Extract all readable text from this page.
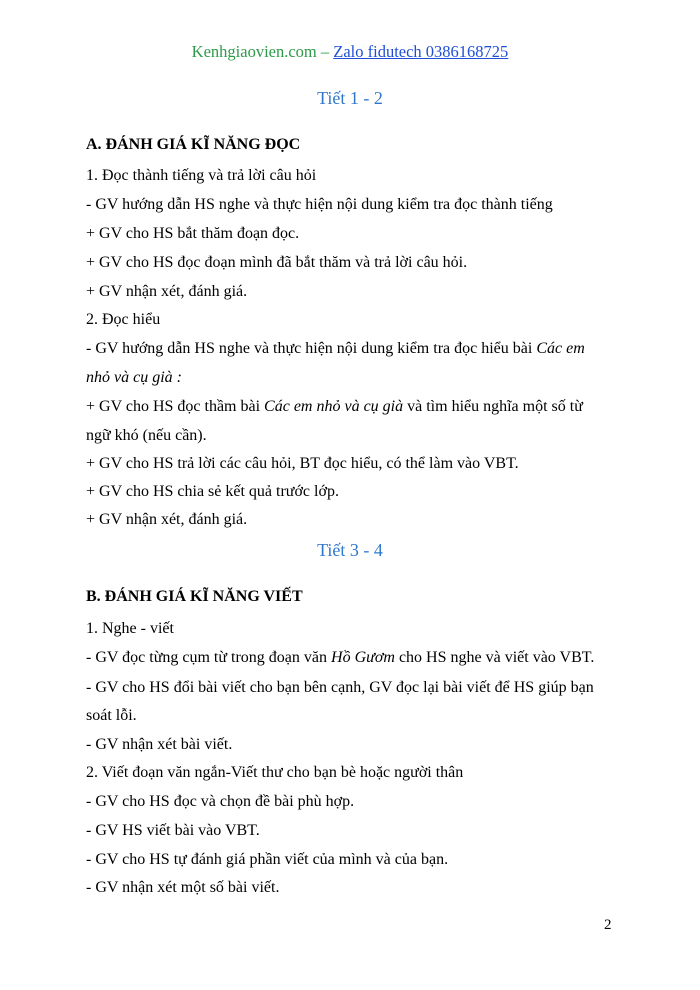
Kenhgiaovien.com – Zalo fidutech 0386168725
Tiết 1 - 2
A. ĐÁNH GIÁ KĨ NĂNG ĐỌC
1. Đọc thành tiếng và trả lời câu hỏi
- GV hướng dẫn HS nghe và thực hiện nội dung kiểm tra đọc thành tiếng
+ GV cho HS bắt thăm đoạn đọc.
+ GV cho HS đọc đoạn mình đã bắt thăm và trả lời câu hỏi.
+ GV nhận xét, đánh giá.
2. Đọc hiểu
- GV hướng dẫn HS nghe và thực hiện nội dung kiểm tra đọc hiểu bài Các em
nhỏ và cụ già :
+ GV cho HS đọc thầm bài Các em nhỏ và cụ già và tìm hiểu nghĩa một số từ
ngữ khó (nếu cần).
+ GV cho HS trả lời các câu hỏi, BT đọc hiểu, có thể làm vào VBT.
+ GV cho HS chia sẻ kết quả trước lớp.
+ GV nhận xét, đánh giá.
Tiết 3 - 4
B. ĐÁNH GIÁ KĨ NĂNG VIẾT
1. Nghe - viết
- GV đọc từng cụm từ trong đoạn văn Hồ Gươm cho HS nghe và viết vào VBT.
- GV cho HS đổi bài viết cho bạn bên cạnh, GV đọc lại bài viết để HS giúp bạn
soát lỗi.
- GV nhận xét bài viết.
2. Viết đoạn văn ngắn-Viết thư cho bạn bè hoặc người thân
- GV cho HS đọc và chọn đề bài phù hợp.
- GV HS viết bài vào VBT.
- GV cho HS tự đánh giá phần viết của mình và của bạn.
- GV nhận xét một số bài viết.
2
